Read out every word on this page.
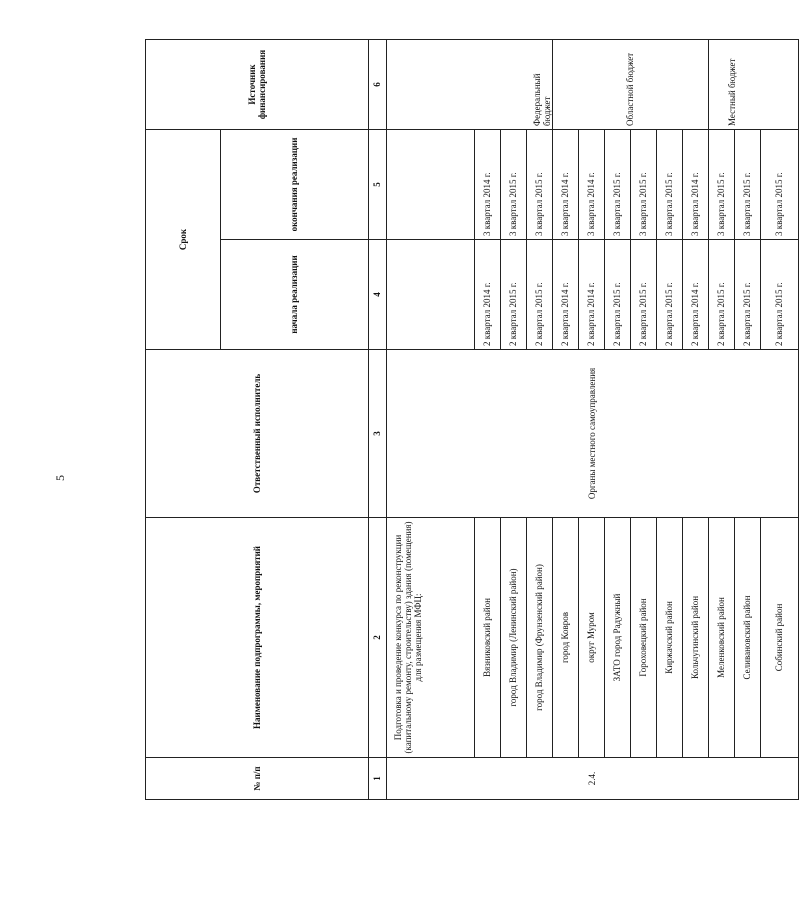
5
№ п/п	Наименование подпрограммы, мероприятий	Ответственный исполнитель	Срок		Источник финансирования	
			начала реализации	окончания реализации		
1	2	3	4	5	6	
2.4.	Подготовка и проведение конкурса по реконструкции (капитальному ремонту, строительству) здания (помещения) для размещения МФЦ:	Органы местного самоуправления			Федеральный бюджет	
	Вязниковский район		2 квартал 2014 г.	3 квартал 2014 г.		
	город Владимир (Ленинский район)		2 квартал 2015 г.	3 квартал 2015 г.		
	город Владимир (Фрунзенский район)		2 квартал 2015 г.	3 квартал 2015 г.		
	город Ковров		2 квартал 2014 г.	3 квартал 2014 г.	Областной бюджет	
	округ Муром		2 квартал 2014 г.	3 квартал 2014 г.		
	ЗАТО город Радужный		2 квартал 2015 г.	3 квартал 2015 г.		
	Гороховецкий район		2 квартал 2015 г.	3 квартал 2015 г.		
	Киржачский район		2 квартал 2015 г.	3 квартал 2015 г.		
	Кольчугинский район		2 квартал 2014 г.	3 квартал 2014 г.		
	Меленковский район		2 квартал 2015 г.	3 квартал 2015 г.	Местный бюджет	
	Селивановский район		2 квартал 2015 г.	3 квартал 2015 г.		
	Собинский район		2 квартал 2015 г.	3 квартал 2015 г.		
